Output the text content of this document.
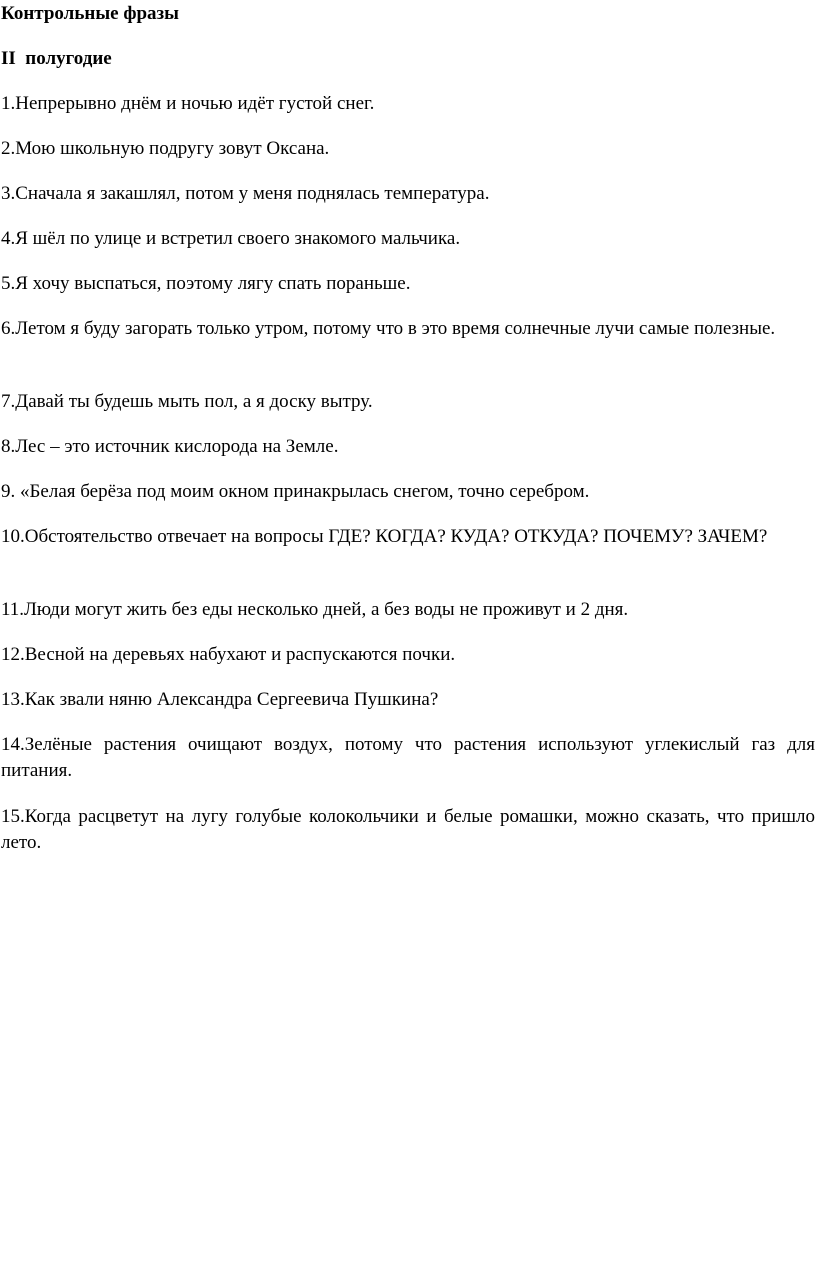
Контрольные фразы
II  полугодие
1.Непрерывно днём и ночью идёт густой снег.
2.Мою школьную подругу зовут Оксана.
3.Сначала я закашлял, потом у меня поднялась температура.
4.Я шёл по улице и встретил своего знакомого мальчика.
5.Я хочу выспаться, поэтому лягу спать пораньше.
6.Летом я буду загорать только утром, потому что в это время солнечные лучи самые полезные.
7.Давай ты будешь мыть пол, а я доску вытру.
8.Лес – это источник кислорода на Земле.
9. «Белая берёза под моим окном принакрылась снегом, точно серебром.
10.Обстоятельство отвечает на вопросы ГДЕ? КОГДА? КУДА? ОТКУДА? ПОЧЕМУ? ЗАЧЕМ?
11.Люди могут жить без еды несколько дней, а без воды не проживут и 2 дня.
12.Весной на деревьях набухают и распускаются почки.
13.Как звали няню Александра Сергеевича Пушкина?
14.Зелёные растения очищают воздух, потому что растения используют углекислый газ для питания.
15.Когда расцветут на лугу голубые колокольчики и белые ромашки, можно сказать, что пришло лето.
